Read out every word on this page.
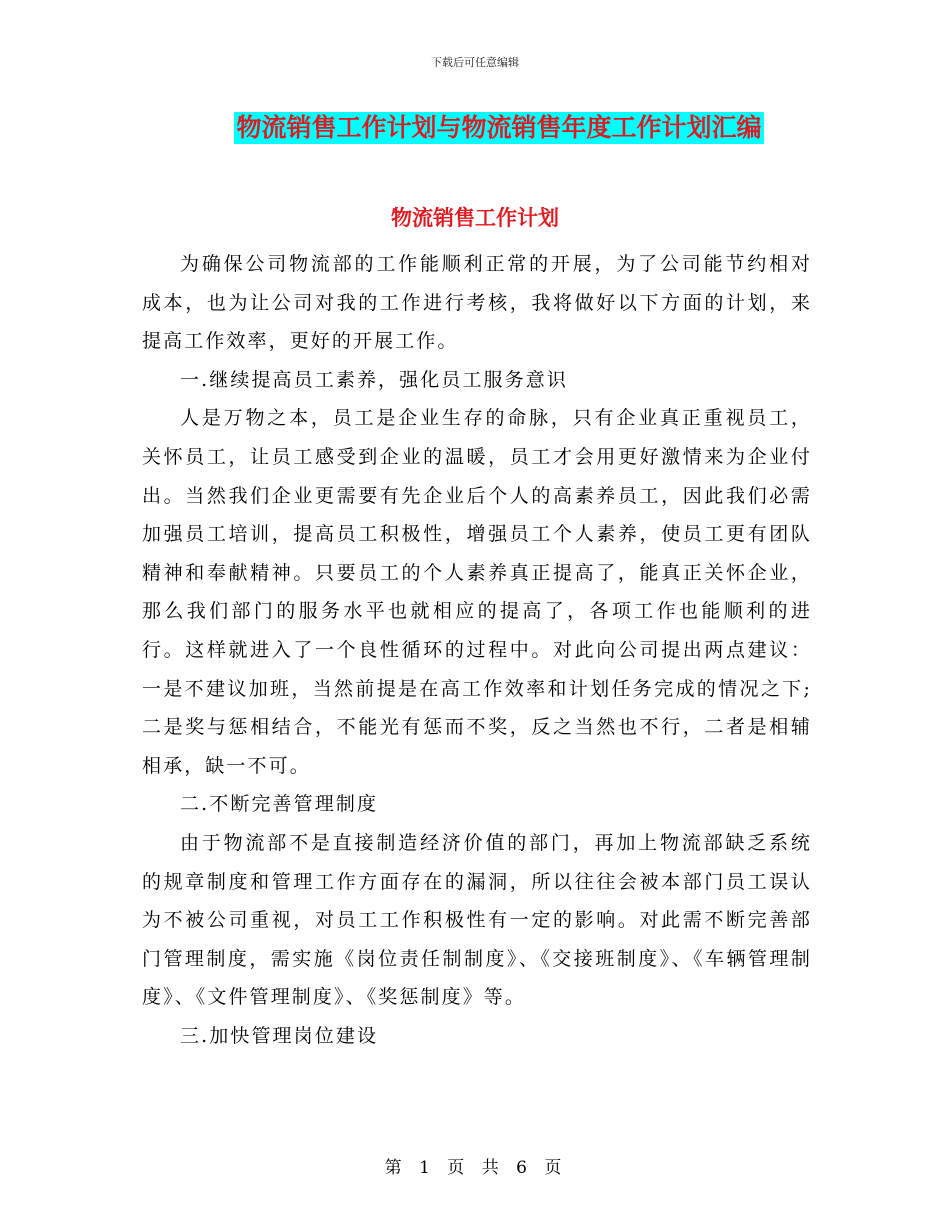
下载后可任意编辑
物流销售工作计划与物流销售年度工作计划汇编
物流销售工作计划

为确保公司物流部的工作能顺利正常的开展，为了公司能节约相对成本，也为让公司对我的工作进行考核，我将做好以下方面的计划，来提高工作效率，更好的开展工作。

一.继续提高员工素养，强化员工服务意识

人是万物之本，员工是企业生存的命脉，只有企业真正重视员工，关怀员工，让员工感受到企业的温暖，员工才会用更好激情来为企业付出。当然我们企业更需要有先企业后个人的高素养员工，因此我们必需加强员工培训，提高员工积极性，增强员工个人素养，使员工更有团队精神和奉献精神。只要员工的个人素养真正提高了，能真正关怀企业，那么我们部门的服务水平也就相应的提高了，各项工作也能顺利的进行。这样就进入了一个良性循环的过程中。对此向公司提出两点建议：一是不建议加班，当然前提是在高工作效率和计划任务完成的情况之下;二是奖与惩相结合，不能光有惩而不奖，反之当然也不行，二者是相辅相承，缺一不可。

二.不断完善管理制度

由于物流部不是直接制造经济价值的部门，再加上物流部缺乏系统的规章制度和管理工作方面存在的漏洞，所以往往会被本部门员工误认为不被公司重视，对员工工作积极性有一定的影响。对此需不断完善部门管理制度，需实施《岗位责任制制度》、《交接班制度》、《车辆管理制度》、《文件管理制度》、《奖惩制度》等。

三.加快管理岗位建设

第 1 页 共 6 页
